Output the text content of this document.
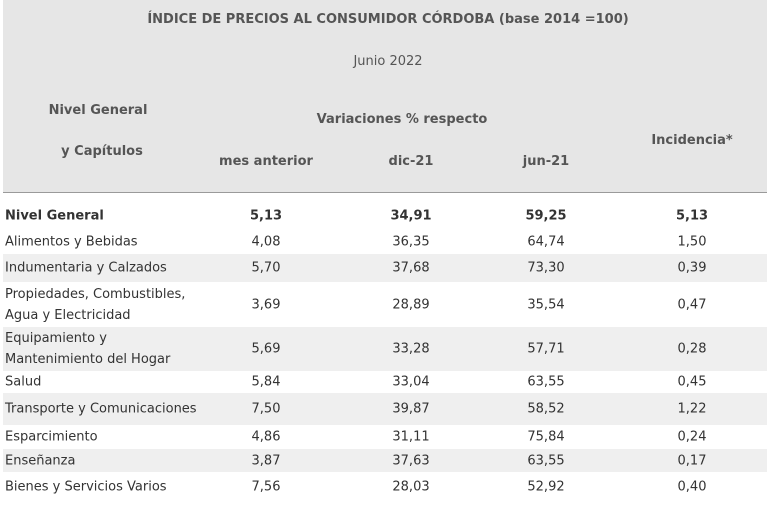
ÍNDICE DE PRECIOS AL CONSUMIDOR CÓRDOBA (base 2014 =100)
Junio 2022
Nivel General
y Capítulos
Variaciones % respecto
mes anterior	dic-21	jun-21
Incidencia*
Nivel General	5,13	34,91	59,25	5,13
Alimentos y Bebidas	4,08	36,35	64,74	1,50
Indumentaria y Calzados	5,70	37,68	73,30	0,39
Propiedades, Combustibles,
Agua y Electricidad
3,69	28,89	35,54	0,47
Equipamiento y
Mantenimiento del Hogar
5,69	33,28	57,71	0,28
Salud	5,84	33,04	63,55	0,45
Transporte y Comunicaciones	7,50	39,87	58,52	1,22
Esparcimiento	4,86	31,11	75,84	0,24
Enseñanza	3,87	37,63	63,55	0,17
Bienes y Servicios Varios	7,56	28,03	52,92	0,40
